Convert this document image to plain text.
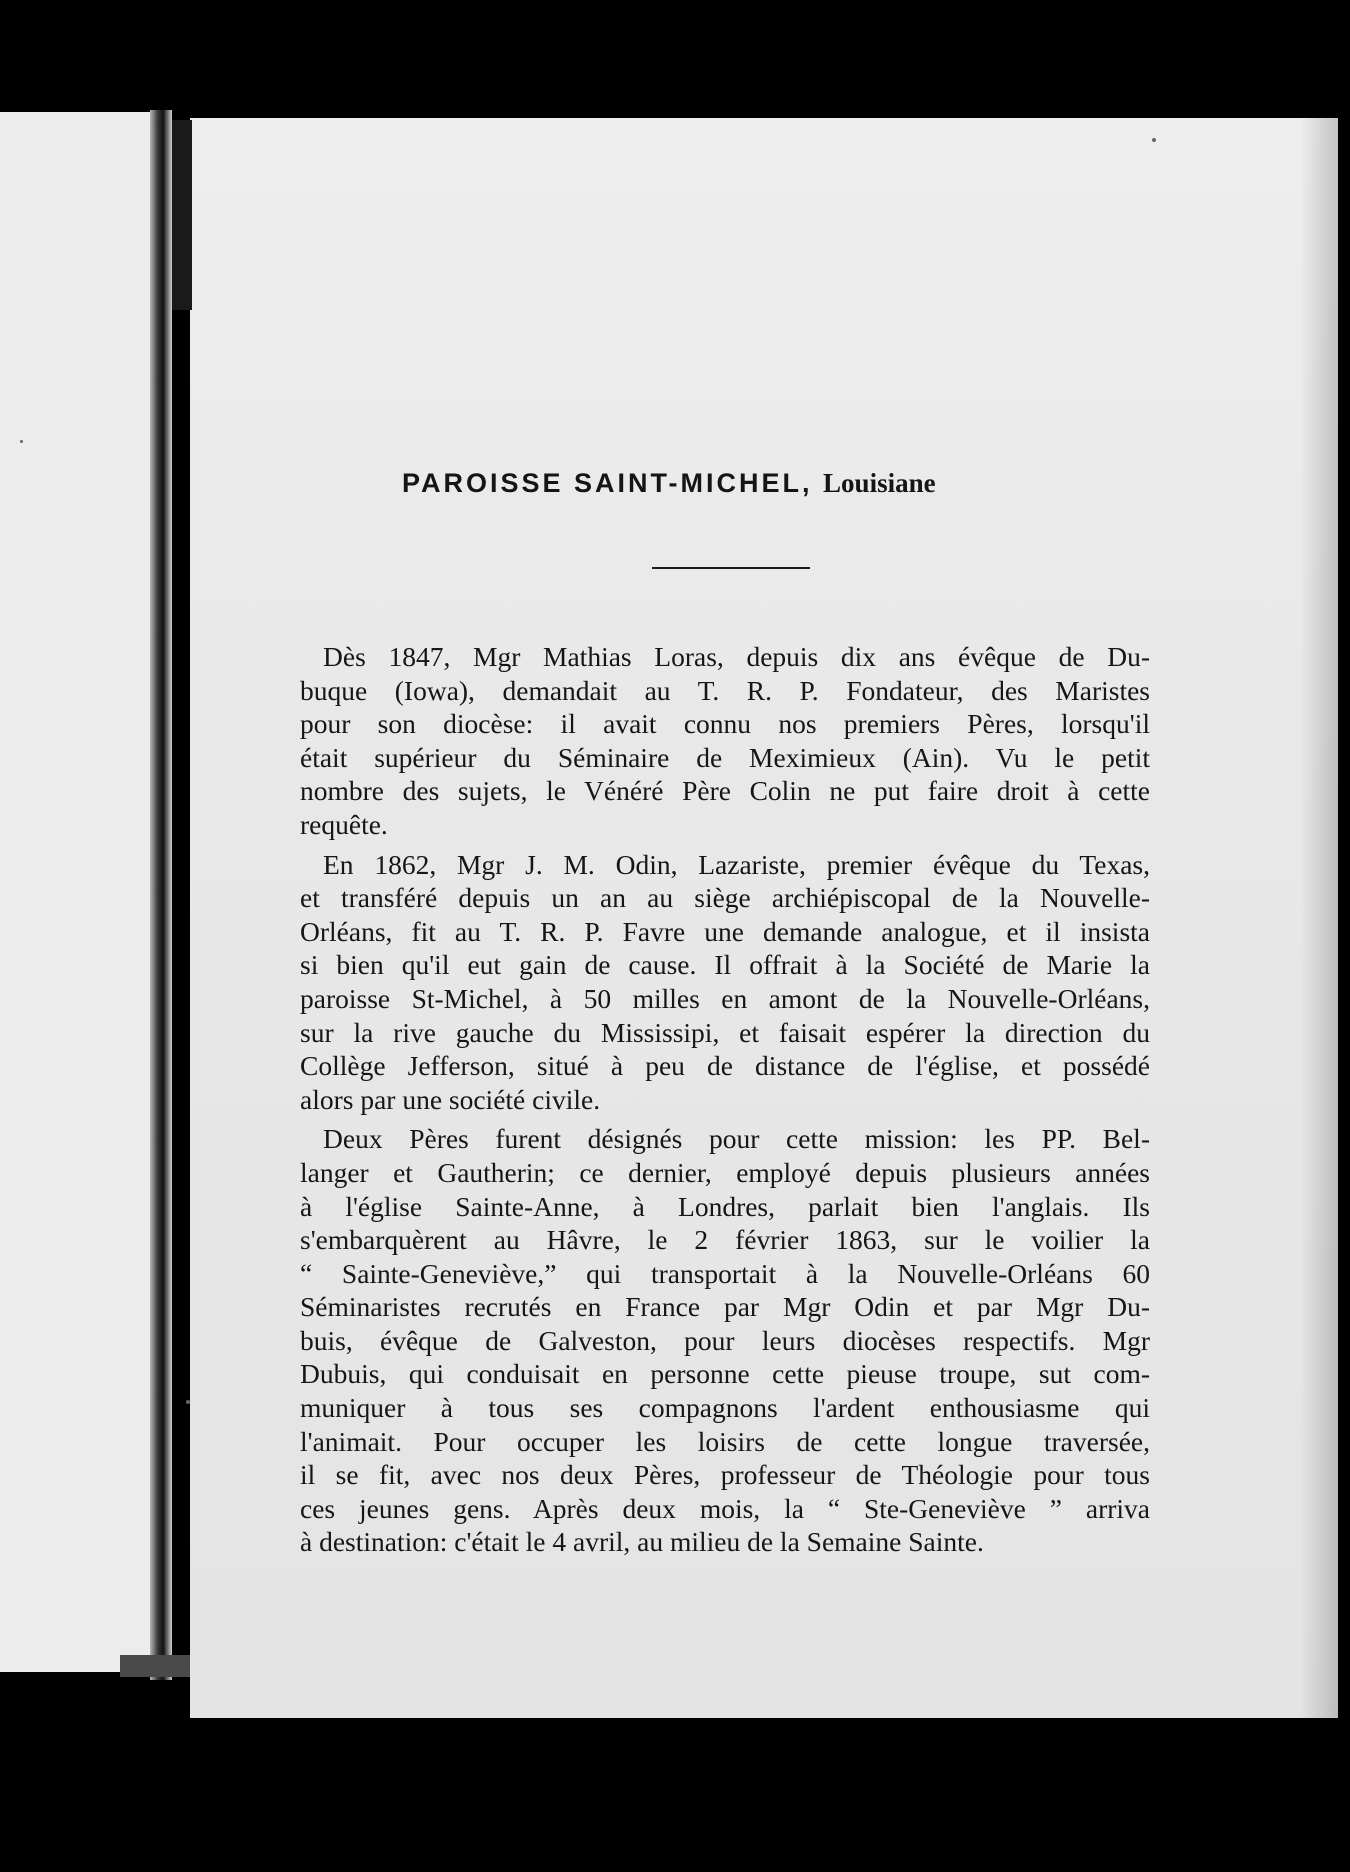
PAROISSE SAINT-MICHEL, Louisiane

Dès 1847, Mgr Mathias Loras, depuis dix ans évêque de Du-
buque (Iowa), demandait au T. R. P. Fondateur, des Maristes
pour son diocèse: il avait connu nos premiers Pères, lorsqu'il
était supérieur du Séminaire de Meximieux (Ain). Vu le petit
nombre des sujets, le Vénéré Père Colin ne put faire droit à cette
requête.

En 1862, Mgr J. M. Odin, Lazariste, premier évêque du Texas,
et transféré depuis un an au siège archiépiscopal de la Nouvelle-
Orléans, fit au T. R. P. Favre une demande analogue, et il insista
si bien qu'il eut gain de cause. Il offrait à la Société de Marie la
paroisse St-Michel, à 50 milles en amont de la Nouvelle-Orléans,
sur la rive gauche du Mississipi, et faisait espérer la direction du
Collège Jefferson, situé à peu de distance de l'église, et possédé
alors par une société civile.

Deux Pères furent désignés pour cette mission: les PP. Bel-
langer et Gautherin; ce dernier, employé depuis plusieurs années
à l'église Sainte-Anne, à Londres, parlait bien l'anglais. Ils
s'embarquèrent au Hâvre, le 2 février 1863, sur le voilier la
“ Sainte-Geneviève,” qui transportait à la Nouvelle-Orléans 60
Séminaristes recrutés en France par Mgr Odin et par Mgr Du-
buis, évêque de Galveston, pour leurs diocèses respectifs. Mgr
Dubuis, qui conduisait en personne cette pieuse troupe, sut com-
muniquer à tous ses compagnons l'ardent enthousiasme qui
l'animait. Pour occuper les loisirs de cette longue traversée,
il se fit, avec nos deux Pères, professeur de Théologie pour tous
ces jeunes gens. Après deux mois, la “ Ste-Geneviève ” arriva
à destination: c'était le 4 avril, au milieu de la Semaine Sainte.
